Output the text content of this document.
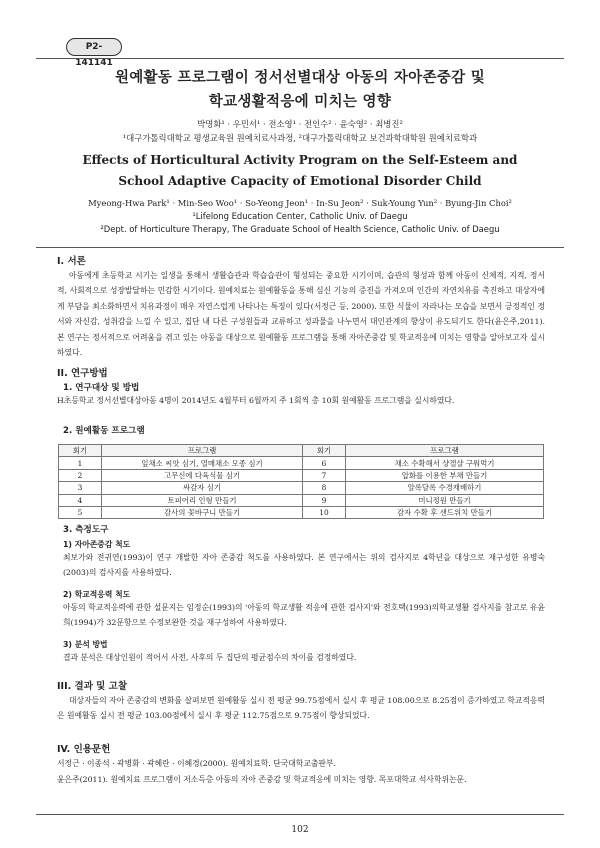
P2-141141
원예활동 프로그램이 정서선별대상 아동의 자아존중감 및
학교생활적응에 미치는 영향
박명화¹ · 우민서¹ · 전소영¹ · 전인수² · 윤숙영² · 최병진²
¹대구가톨릭대학교 평생교육원 원예치료사과정, ²대구가톨릭대학교 보건과학대학원 원예치료학과
Effects of Horticultural Activity Program on the Self-Esteem and
School Adaptive Capacity of Emotional Disorder Child
Myeong-Hwa Park¹ · Min-Seo Woo¹ · So-Yeong Jeon¹ · In-Su Jeon² · Suk-Young Yun² · Byung-Jin Choi²
¹Lifelong Education Center, Catholic Univ. of Daegu
²Dept. of Horticulture Therapy, The Graduate School of Health Science, Catholic Univ. of Daegu
I. 서론
아동에게 초등학교 시기는 일생을 통해서 생활습관과 학습습관이 형성되는 중요한 시기이며, 습관의 형성과 함께 아동이 신체적, 지적, 정서적, 사회적으로 성장발달하는 민감한 시기이다. 원예치료는 원예활동을 통해 심신 기능의 증진을 가져오며 인간의 자연치유를 촉진하고 대상자에게 부담을 최소화하면서 치유과정이 매우 자연스럽게 나타나는 특징이 있다(서정근 등, 2000). 또한 식물이 자라나는 모습을 보면서 긍정적인 정서와 자신감, 성취감을 느낄 수 있고, 집단 내 다른 구성원들과 교류하고 성과물을 나누면서 대인관계의 향상이 유도되기도 한다(윤은주,2011). 본 연구는 정서적으로 어려움을 겪고 있는 아동을 대상으로 원예활동 프로그램을 통해 자아존중감 및 학교적응에 미치는 영향을 알아보고자 실시하였다.
II. 연구방법
1. 연구대상 및 방법
H초등학교 정서선별대상아동 4명이 2014년도 4월부터 6월까지 주 1회씩 총 10회 원예활동 프로그램을 실시하였다.
2. 원예활동 프로그램
회기	프로그램	회기	프로그램
1	잎채소 씨앗 심기, 열매채소 모종 심기	6	채소 수확해서 샹겔샬 구워먹기
2	고무신에 다육식물 심기	7	압화를 이용한 부채 만들기
3	싸감자 심기	8	알록달록 수경재배하기
4	토피어리 인형 만들기	9	미니정원 만들기
5	감사의 꽃바구니 만들기	10	감자 수확 후 샌드위치 만들기
3. 측정도구
1) 자아존중감 척도
최보가와 전귀연(1993)이 연구 개발한 자아 존중감 척도를 사용하였다. 본 연구에서는 위의 검사지로 4학년을 대상으로 재구성한 유병숙(2003)의 검사지를 사용하였다.
2) 학교적응력 척도
아동의 학교적응력에 관한 설문지는 임정순(1993)의 '아동의 학교생활 적응에 관한 검사지'와 전호택(1993)의학교생활 검사지를 참고로 유윤희(1994)가 32문항으로 수정보완한 것을 재구성하여 사용하였다.
3) 분석 방법
결과 분석은 대상인원이 적어서 사전, 사후의 두 집단의 평균점수의 차이를 검정하였다.
III. 결과 및 고찰
대상자들의 자아 존중감의 변화를 살펴보면 원예활동 실시 전 평균 99.75점에서 실시 후 평균 108.00으로 8.25점이 증가하였고 학교적응력은 원예활동 실시 전 평균 103.00점에서 실시 후 평균 112.75점으로 9.75점이 향상되었다.
IV. 인용문헌
서정근 · 이종석 · 곽병화 · 곽혜란 · 이혜경(2000). 원예치료학. 단국대학교출판부.
윤은주(2011). 원예치료 프로그램이 저소득층 아동의 자아 존중감 및 학교적응에 미치는 영향. 목포대학교 석사학위논문.
102
